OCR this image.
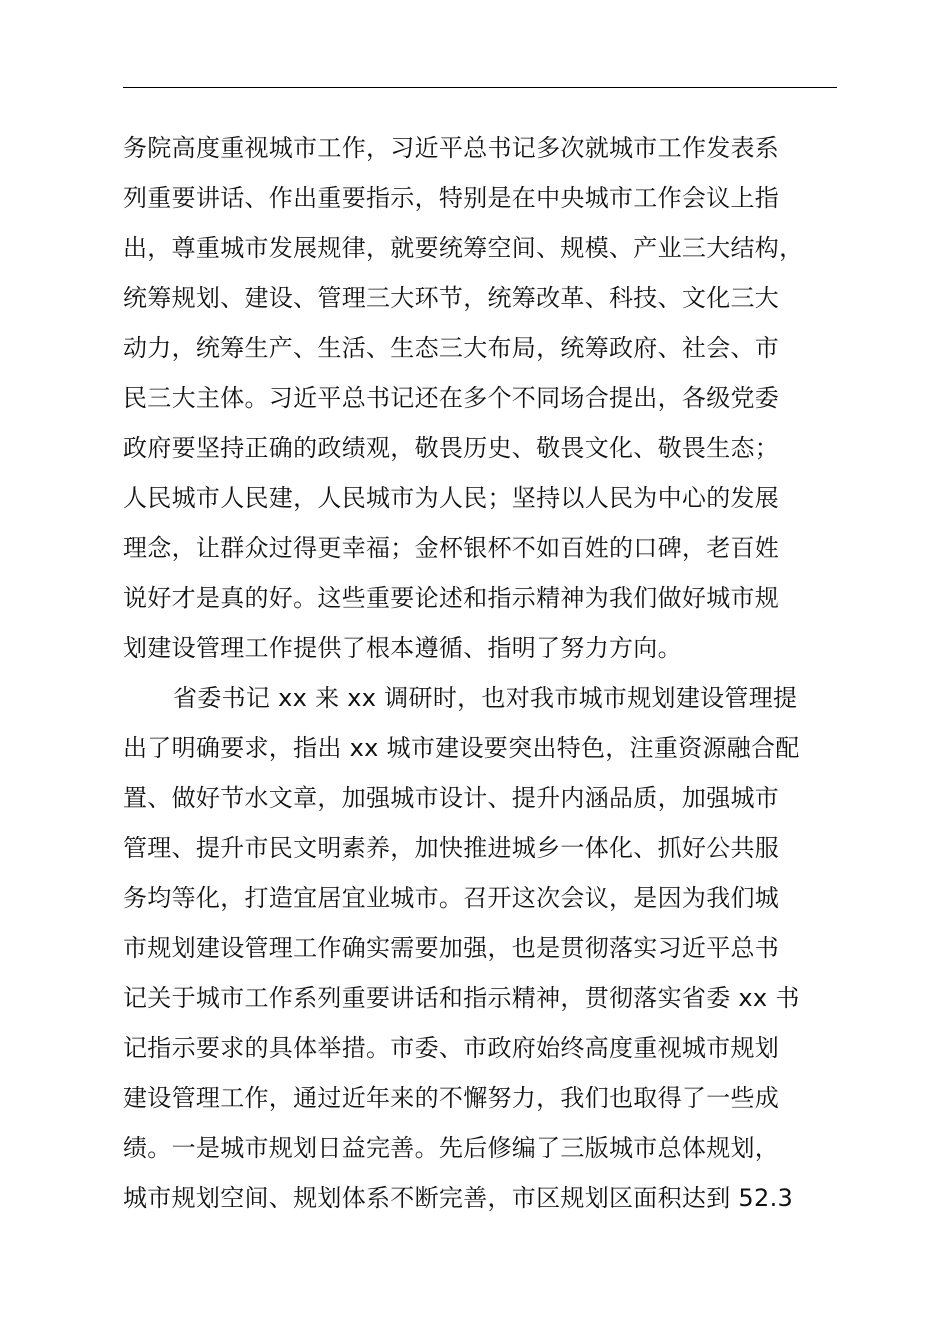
务院高度重视城市工作，习近平总书记多次就城市工作发表系
列重要讲话、作出重要指示，特别是在中央城市工作会议上指
出，尊重城市发展规律，就要统筹空间、规模、产业三大结构，
统筹规划、建设、管理三大环节，统筹改革、科技、文化三大
动力，统筹生产、生活、生态三大布局，统筹政府、社会、市
民三大主体。习近平总书记还在多个不同场合提出，各级党委
政府要坚持正确的政绩观，敬畏历史、敬畏文化、敬畏生态；
人民城市人民建，人民城市为人民；坚持以人民为中心的发展
理念，让群众过得更幸福；金杯银杯不如百姓的口碑，老百姓
说好才是真的好。这些重要论述和指示精神为我们做好城市规
划建设管理工作提供了根本遵循、指明了努力方向。
省委书记 xx 来 xx 调研时，也对我市城市规划建设管理提
出了明确要求，指出 xx 城市建设要突出特色，注重资源融合配
置、做好节水文章，加强城市设计、提升内涵品质，加强城市
管理、提升市民文明素养，加快推进城乡一体化、抓好公共服
务均等化，打造宜居宜业城市。召开这次会议，是因为我们城
市规划建设管理工作确实需要加强，也是贯彻落实习近平总书
记关于城市工作系列重要讲话和指示精神，贯彻落实省委 xx 书
记指示要求的具体举措。市委、市政府始终高度重视城市规划
建设管理工作，通过近年来的不懈努力，我们也取得了一些成
绩。一是城市规划日益完善。先后修编了三版城市总体规划，
城市规划空间、规划体系不断完善，市区规划区面积达到 52.3
